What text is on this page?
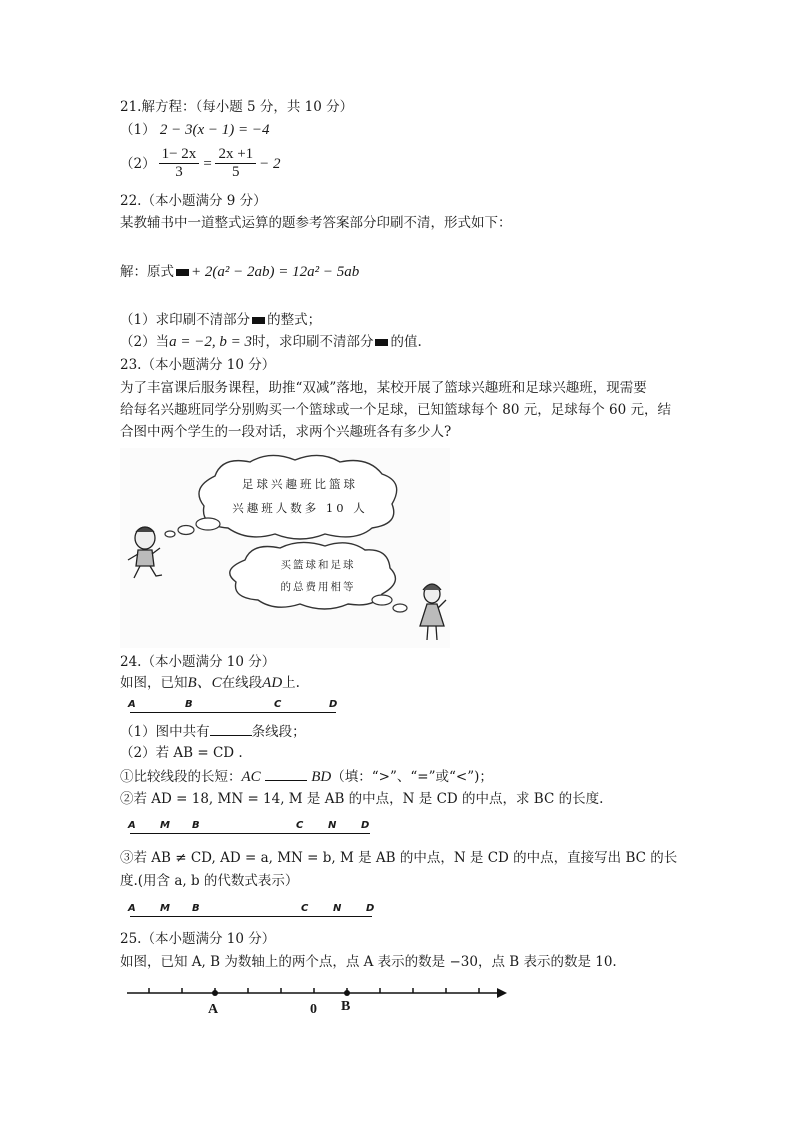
21.解方程：（每小题 5 分，共 10 分）
（1） 2 − 3(x − 1) = −4
$(2) \frac{1- 2x}{3} = \frac{2x +1}{5} - 2$
22.（本小题满分 9 分）
某教辅书中一道整式运算的题参考答案部分印刷不清，形式如下：
解：原式 + 2(a² − 2ab) = 12a² − 5ab
（1）求印刷不清部分 的整式；
（2）当a = −2, b = 3时，求印刷不清部分 的值.
23.（本小题满分 10 分）
为了丰富课后服务课程，助推“双减”落地，某校开展了篮球兴趣班和足球兴趣班，现需要
给每名兴趣班同学分别购买一个篮球或一个足球，已知篮球每个 80 元，足球每个 60 元，结
合图中两个学生的一段对话，求两个兴趣班各有多少人?
足球兴趣班比篮球
兴趣班人数多 10 人
买篮球和足球
的总费用相等
24.（本小题满分 10 分）
如图，已知B、C在线段AD上.
A	B	C	D
（1）图中共有	条线段；
（2）若 AB = CD .
①比较线段的长短：AC	BD（填：“>”、“=”或“<”)；
②若 AD = 18, MN = 14, M 是 AB 的中点，N 是 CD 的中点，求 BC 的长度.
A M B	C N D
③若 AB ≠ CD, AD = a, MN = b, M 是 AB 的中点，N 是 CD 的中点，直接写出 BC 的长
度.(用含 a, b 的代数式表示）
A M B	C N D
25.（本小题满分 10 分）
如图，已知 A, B 为数轴上的两个点，点 A 表示的数是 −30，点 B 表示的数是 10.
A	0 B
